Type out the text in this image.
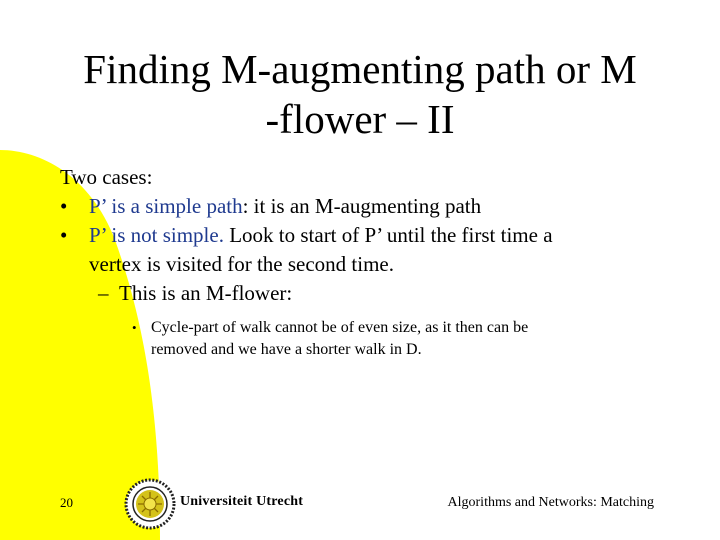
Finding M-augmenting path or M
-flower – II
Two cases:
• P’ is a simple path: it is an M-augmenting path
• P’ is not simple. Look to start of P’ until the first time a
vertex is visited for the second time.
– This is an M-flower:
• Cycle-part of walk cannot be of even size, as it then can be
removed and we have a shorter walk in D.
20	Universiteit Utrecht	Algorithms and Networks: Matching
